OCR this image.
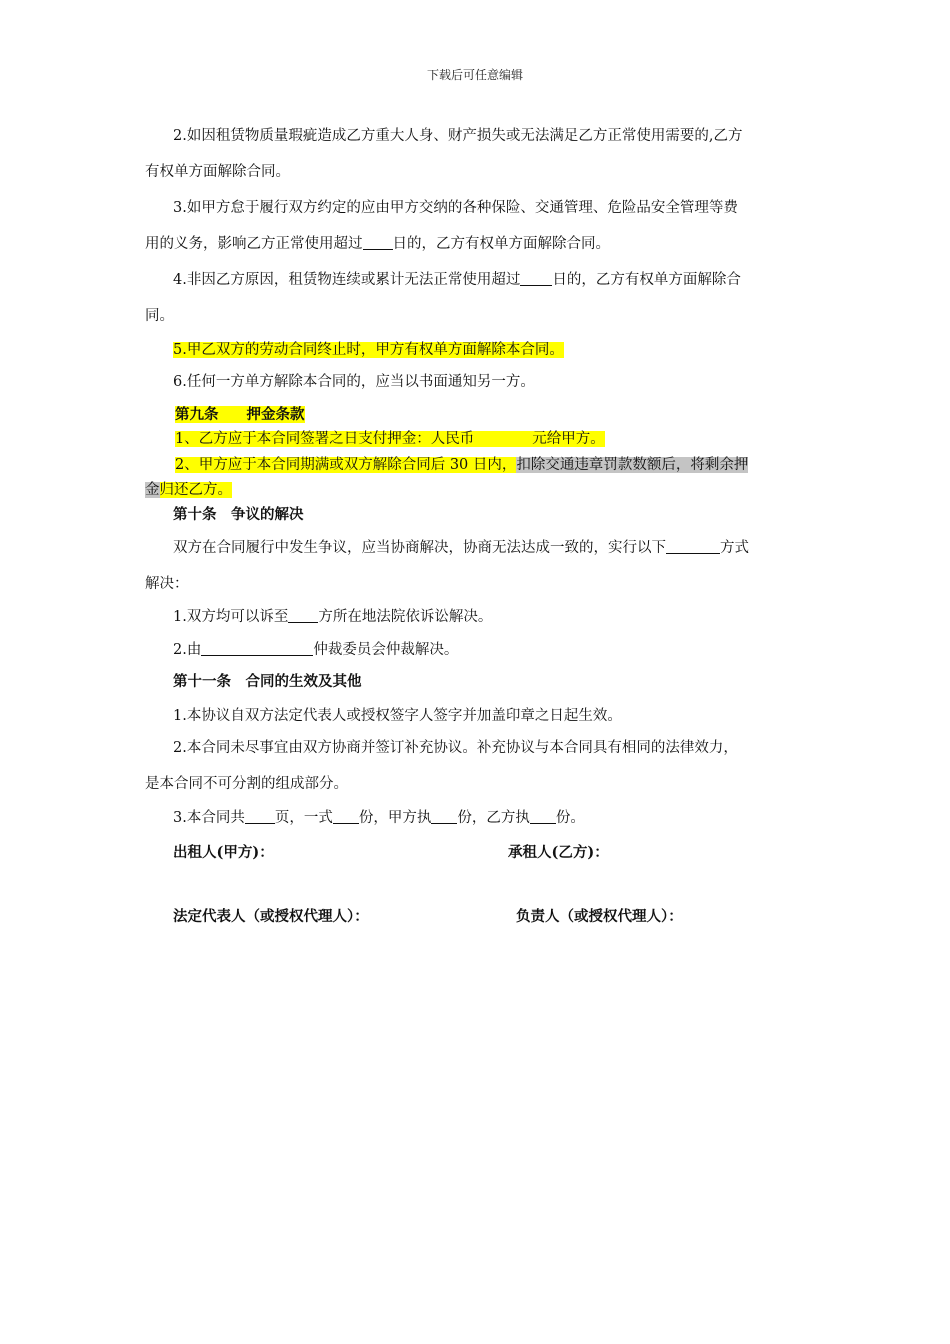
下载后可任意编辑
2.如因租赁物质量瑕疵造成乙方重大人身、财产损失或无法满足乙方正常使用需要的,乙方
有权单方面解除合同。
3.如甲方怠于履行双方约定的应由甲方交纳的各种保险、交通管理、危险品安全管理等费
用的义务，影响乙方正常使用超过 日的，乙方有权单方面解除合同。
4.非因乙方原因，租赁物连续或累计无法正常使用超过 日的，乙方有权单方面解除合
同。
5.甲乙双方的劳动合同终止时，甲方有权单方面解除本合同。
6.任何一方单方解除本合同的，应当以书面通知另一方。
第九条 押金条款
1、乙方应于本合同签署之日支付押金：人民币	元给甲方。
2、甲方应于本合同期满或双方解除合同后 30 日内，扣除交通违章罚款数额后，将剩余押
金归还乙方。
第十条　争议的解决
双方在合同履行中发生争议，应当协商解决，协商无法达成一致的，实行以下	方式
解决：
1.双方均可以诉至 方所在地法院依诉讼解决。
2.由	仲裁委员会仲裁解决。
第十一条　合同的生效及其他
1.本协议自双方法定代表人或授权签字人签字并加盖印章之日起生效。
2.本合同未尽事宜由双方协商并签订补充协议。补充协议与本合同具有相同的法律效力，
是本合同不可分割的组成部分。
3.本合同共 页，一式 份，甲方执 份，乙方执 份。
出租人(甲方)：	承租人(乙方)：
法定代表人（或授权代理人）：	负责人（或授权代理人）：
